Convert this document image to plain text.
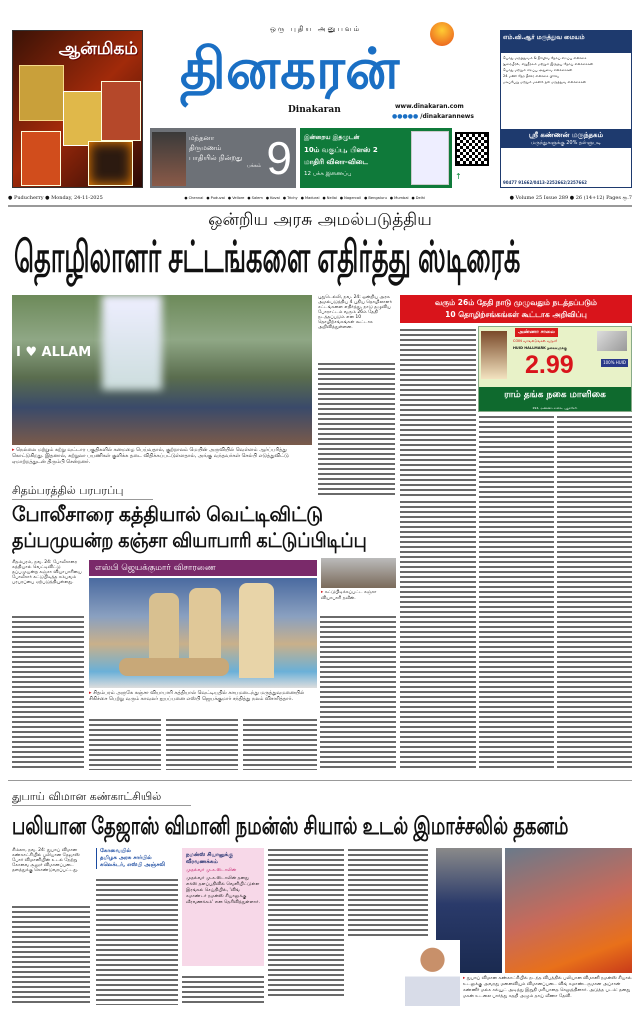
ஆன்மிகம்
ஒரு புதிய அனுபவம்
தினகரன்
Dinakaran	www.dinakaran.com
●●●●● /dinakarannews
மந்தனா
திருமணம்
பாதியில் நின்றது
பக்கம் 9 இன்றைய இதழுடன்
10ம் வகுப்பு, பிளஸ் 2
மாதிரி வினா-விடை
12 பக்க இணைப்பு	↑
எம்.வி.ஆர் மருத்துவ மையம்
பொது மருத்துவம் & நீரிழிவு நோய் சிறப்பு சிகிச்சை
நுரையீரல், சிறுநீரகம் மற்றும் இருதய நோய் சிகிச்சைகள்
பொது மற்றும் சிறப்பு அறுவை சிகிச்சைகள்
24 மணி நேர தீவிர சிகிச்சை பிரிவு
மகப்பேறு மற்றும் மகளிர் நல மருத்துவ சிகிச்சைகள்
ஸ்ரீ கண்ணன் மருந்தகம்
மருந்துகளுக்கு 20% தள்ளுபடி
90477 91662/0413-2252662/2257662
● Puducherry ● Monday, 24-11-2025	● Chennai ● Puduvai ● Vellore ● Salem ● Kovai ● Trichy ● Madurai ● Nellai ● Nagercoil ● Bengaluru ● Mumbai ● Delhi	● Volume 25 Issue 289 ● 26 (14+12) Pages ரூ.7
ஒன்றிய அரசு அமல்படுத்திய
தொழிலாளர் சட்டங்களை எதிர்த்து ஸ்டிரைக்
I ♥ ALLAM
▸ நெல்லை மற்றும் கற்று வட்டார பகுதிகளில் கனமழை பெய்வதால், குற்றாலம் மெயின் அருவியில் வெள்ளம் ஆர்ப்பரித்து கொட்டுகிறது. இதனால், சுற்றுலா பயணிகள் குளிக்க தடை விதிக்கப்பட்டுள்ளதால், அங்கு வந்தவர்கள் செல்பி எடுத்துவிட்டு ஏமாற்றத்துடன் திரும்பி சென்றனர்.
புதுடெல்லி, நவ. 24: ஒன்றிய அரசு அமல்படுத்திய 4 புதிய தொழிலாளர் சட்டங்களை எதிர்த்து, நாடு தழுவிய போராட்டம் வரும் 26ம் தேதி நடத்தப்படும் என 10 தொழிற்சங்கங்கள் கூட்டாக அறிவித்துள்ளன.
வரும் 26ம் தேதி நாடு முழுவதும் நடத்தப்படும்
10 தொழிற்சங்கங்கள் கூட்டாக அறிவிப்பு
அண்ணா சாலை
COIN வாங்கிடுங்கள் வரும்!
HUID HALLMARK நகைகளுக்கு
2.99	100% HUID
ராம் தங்க நகை மாளிகை
294, அண்ணா சாலை, புதுச்சேரி.
சிதம்பரத்தில் பரபரப்பு
போலீசாரை கத்தியால் வெட்டிவிட்டு
தப்பமுயன்ற கஞ்சா வியாபாரி கட்டுப்பிடிப்பு
சிதம்பரம், நவ. 24: போலீசாரை கத்தியால் வெட்டிவிட்டு தப்பமுயன்ற கஞ்சா வியாபாரியை போலீசார் சுட்டுபிடித்த சம்பவம் பரபரப்பை ஏற்படுத்தியுள்ளது.
எஸ்பி ஜெயக்குமார் விசாரணை
▸ சிதம்பரம் அருகே கஞ்சா வியாபாரி கத்தியால் வெட்டியதில் காயமடைந்து மருத்துவமனையில் சிகிச்சை பெற்று வரும் காவலர் ஐயப்பனை எஸ்பி ஜெயக்குமார் சந்தித்து நலம் விசாரித்தார்.
▸ சுட்டுபிடிக்கப்பட்ட கஞ்சா வியாபாரி நவீன்.
துபாய் விமான கண்காட்சியில்
பலியான தேஜாஸ் விமானி நமன்ஸ் சியால் உடல் இமாச்சலில் தகனம்
சிம்லா, நவ. 24: துபாய் விமான கண்காட்சியில் பலியான தேஜாஸ் போர் விமானியின் உடல் நேற்று கோவை சூலூர் விமானப்படை தளத்துக்கு கொண்டுவரப்பட்டது.
கோவையில்
தமிழக அரசு சார்பில்
கலெக்டர், எஸ்பி அஞ்சலி
நமன்ஸ் சியாலுக்கு
வீரவணக்கம்
முதல்வர் மு.க.ஸ்டாலின்
முதல்வர் மு.க.ஸ்டாலின் தனது எக்ஸ் தளப்பதிவில் வெளியிட்டுள்ள இரங்கல் செய்தியில், 'விங் கமாண்டர் நமன்ஸ் சியாலுக்கு வீரவணக்கம்' என தெரிவித்துள்ளார்.
▸ துபாய் விமான கண்காட்சியில் நடந்த விபத்தில் பலியான விமானி நமன்ஸ் சியால் உடலுக்கு அவரது மனைவியும் விமானப்படை விங் கமாண்டருமான அப்சான் கண்ணீர் மல்க சல்யூட் அடித்து இறுதி மரியாதை செலுத்தினார். அடுத்த படம்: தனது மகன் உடலை பார்த்து கதறி அழும் தாய் வீணா தேவி.
